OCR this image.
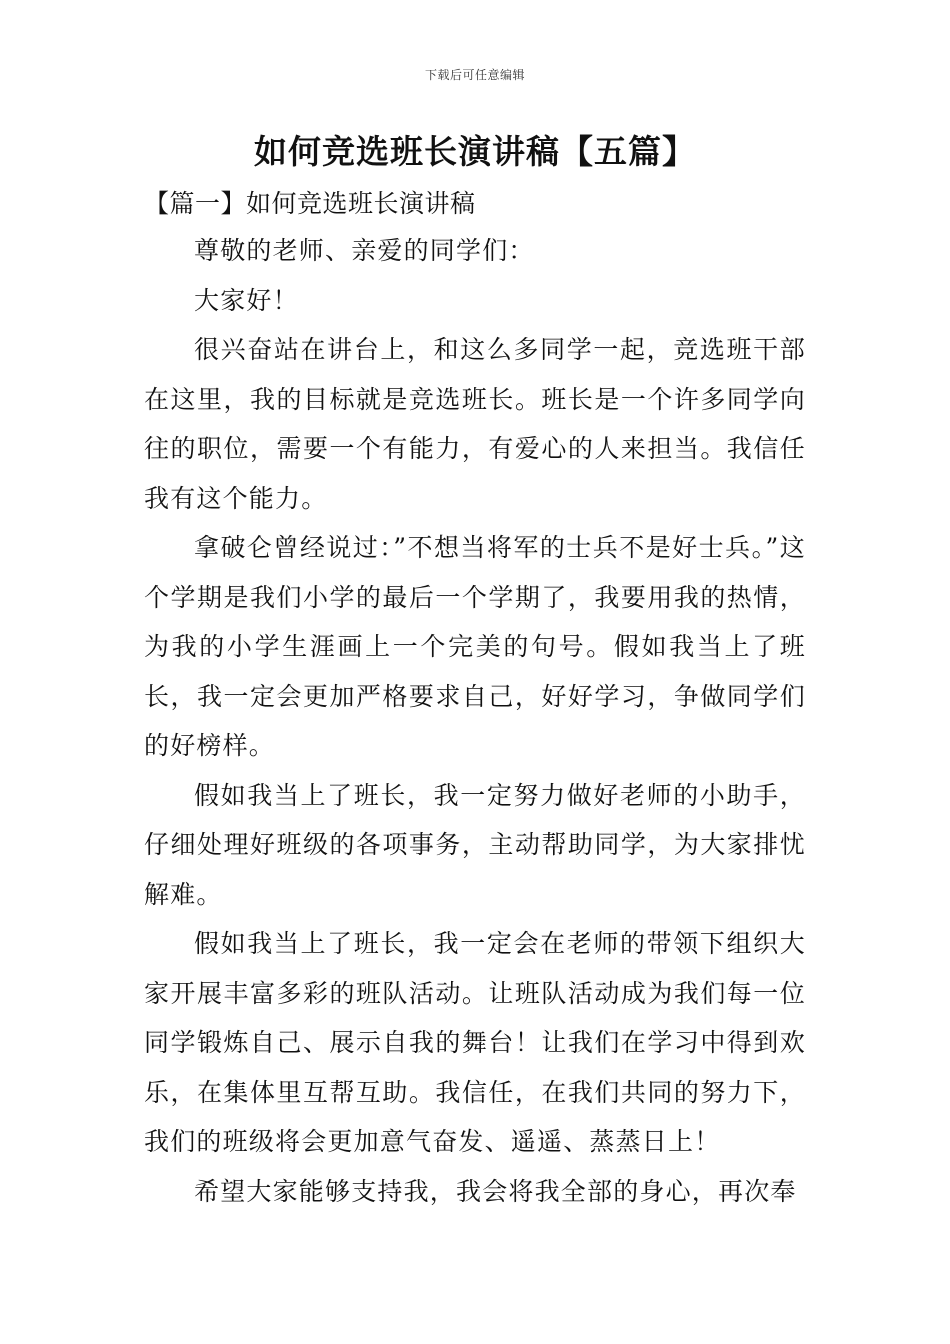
下载后可任意编辑
如何竞选班长演讲稿【五篇】
【篇一】如何竞选班长演讲稿

尊敬的老师、亲爱的同学们：

大家好！

很兴奋站在讲台上，和这么多同学一起，竞选班干部在这里，我的目标就是竞选班长。班长是一个许多同学向往的职位，需要一个有能力，有爱心的人来担当。我信任我有这个能力。

拿破仑曾经说过：”不想当将军的士兵不是好士兵。”这个学期是我们小学的最后一个学期了，我要用我的热情，为我的小学生涯画上一个完美的句号。假如我当上了班长，我一定会更加严格要求自己，好好学习，争做同学们的好榜样。

假如我当上了班长，我一定努力做好老师的小助手，仔细处理好班级的各项事务，主动帮助同学，为大家排忧解难。

假如我当上了班长，我一定会在老师的带领下组织大家开展丰富多彩的班队活动。让班队活动成为我们每一位同学锻炼自己、展示自我的舞台！让我们在学习中得到欢乐，在集体里互帮互助。我信任，在我们共同的努力下，我们的班级将会更加意气奋发、遥遥、蒸蒸日上！

希望大家能够支持我，我会将我全部的身心，再次奉
